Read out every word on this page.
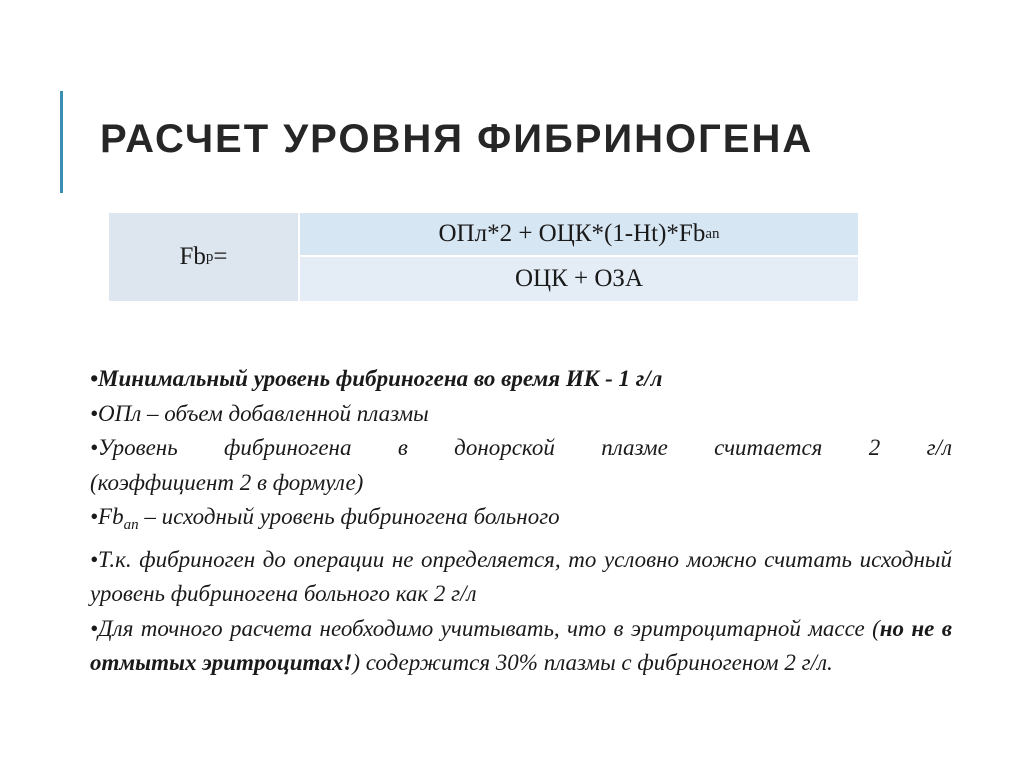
РАСЧЕТ УРОВНЯ ФИБРИНОГЕНА
Fb p =
ОПл*2 + ОЦК*(1-Ht)*Fb an
ОЦК + ОЗА
•Минимальный уровень фибриногена во время ИК - 1 г/л
•ОПл – объем добавленной плазмы
•Уровень фибриногена в донорской плазме считается 2 г/л
(коэффициент 2 в формуле)
$•Fb_{an}$ – исходный уровень фибриногена больного
•Т.к. фибриноген до операции не определяется, то условно можно считать исходный уровень фибриногена больного как 2 г/л
•Для точного расчета необходимо учитывать, что в эритроцитарной массе (но не в отмытых эритроцитах!) содержится 30% плазмы с фибриногеном 2 г/л.
